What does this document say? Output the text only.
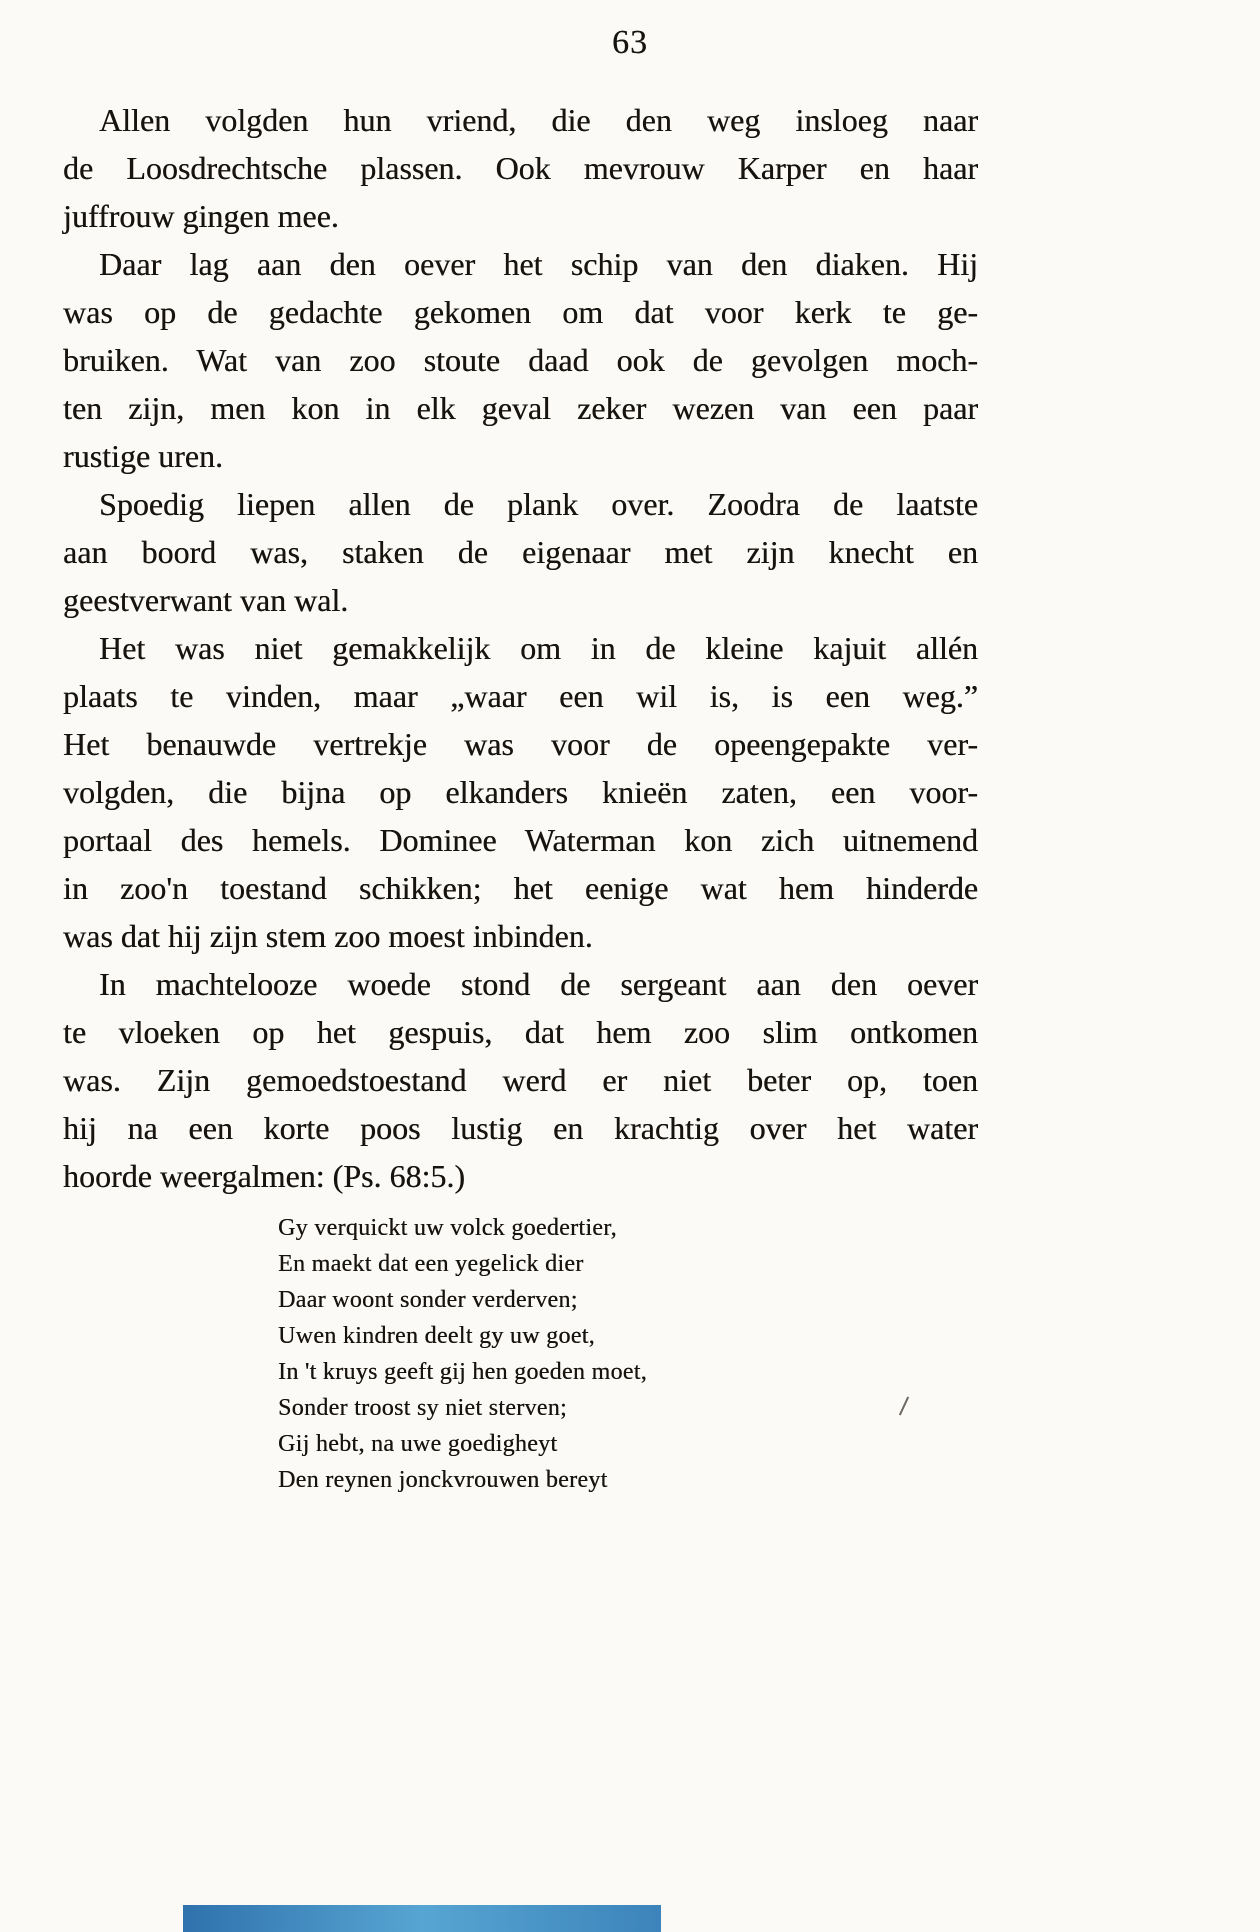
63

Allen volgden hun vriend, die den weg insloeg naar
de Loosdrechtsche plassen. Ook mevrouw Karper en haar
juffrouw gingen mee.

Daar lag aan den oever het schip van den diaken. Hij
was op de gedachte gekomen om dat voor kerk te ge-
bruiken. Wat van zoo stoute daad ook de gevolgen moch-
ten zijn, men kon in elk geval zeker wezen van een paar
rustige uren.

Spoedig liepen allen de plank over. Zoodra de laatste
aan boord was, staken de eigenaar met zijn knecht en
geestverwant van wal.

Het was niet gemakkelijk om in de kleine kajuit allén
plaats te vinden, maar „waar een wil is, is een weg.”
Het benauwde vertrekje was voor de opeengepakte ver-
volgden, die bijna op elkanders knieën zaten, een voor-
portaal des hemels. Dominee Waterman kon zich uitnemend
in zoo'n toestand schikken; het eenige wat hem hinderde
was dat hij zijn stem zoo moest inbinden.

In machtelooze woede stond de sergeant aan den oever
te vloeken op het gespuis, dat hem zoo slim ontkomen
was. Zijn gemoedstoestand werd er niet beter op, toen
hij na een korte poos lustig en krachtig over het water
hoorde weergalmen: (Ps. 68:5.)

Gy verquickt uw volck goedertier,
En maekt dat een yegelick dier
Daar woont sonder verderven;
Uwen kindren deelt gy uw goet,
In 't kruys geeft gij hen goeden moet,
Sonder troost sy niet sterven;
Gij hebt, na uwe goedigheyt
Den reynen jonckvrouwen bereyt
